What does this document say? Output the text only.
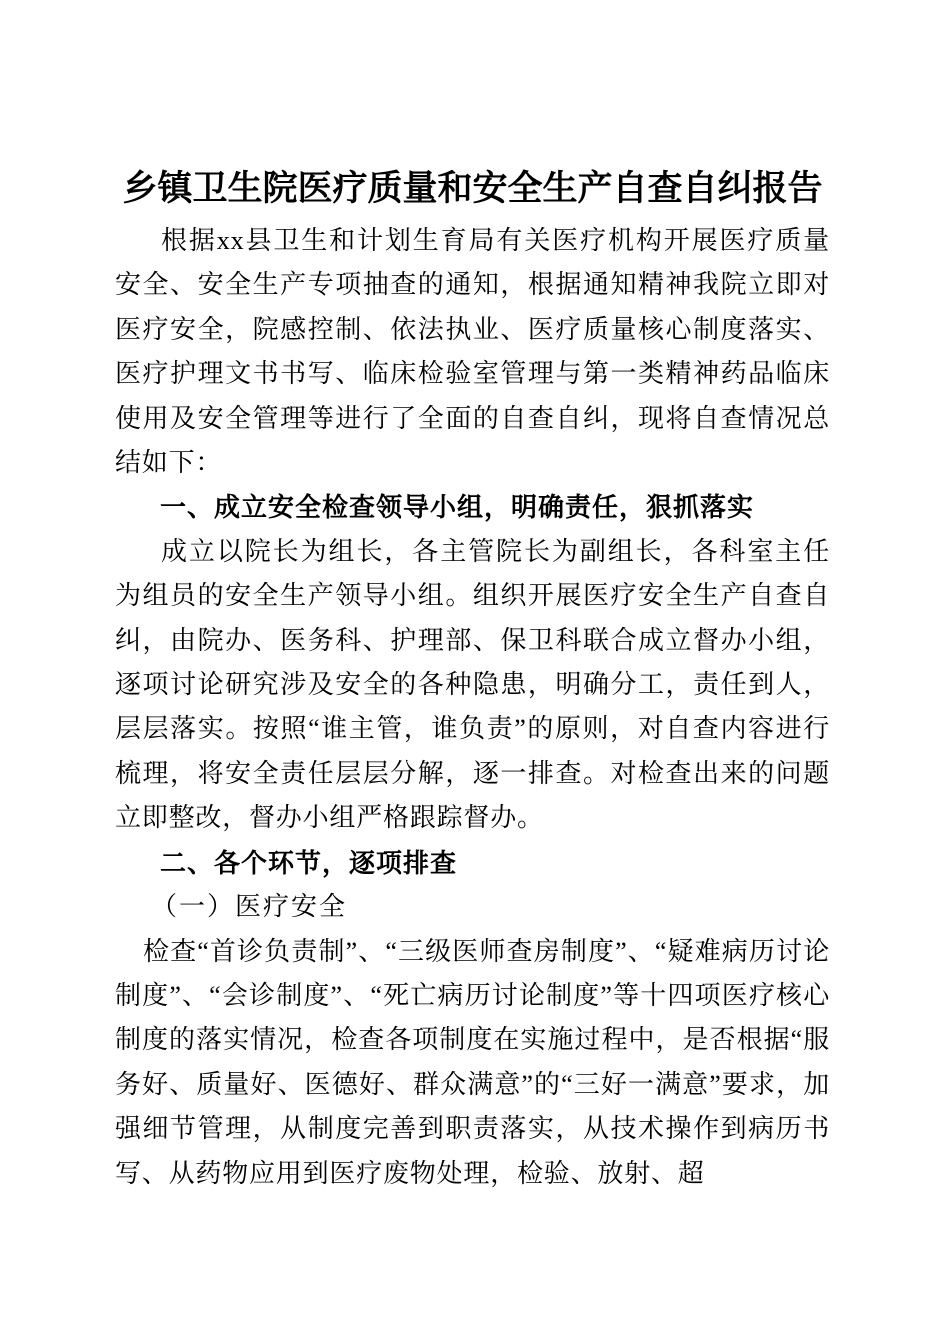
乡镇卫生院医疗质量和安全生产自查自纠报告

根据xx县卫生和计划生育局有关医疗机构开展医疗质量安全、安全生产专项抽查的通知，根据通知精神我院立即对医疗安全，院感控制、依法执业、医疗质量核心制度落实、医疗护理文书书写、临床检验室管理与第一类精神药品临床使用及安全管理等进行了全面的自查自纠，现将自查情况总结如下：

一、成立安全检查领导小组，明确责任，狠抓落实

成立以院长为组长，各主管院长为副组长，各科室主任为组员的安全生产领导小组。组织开展医疗安全生产自查自纠，由院办、医务科、护理部、保卫科联合成立督办小组，逐项讨论研究涉及安全的各种隐患，明确分工，责任到人，层层落实。按照“谁主管，谁负责”的原则，对自查内容进行梳理，将安全责任层层分解，逐一排查。对检查出来的问题立即整改，督办小组严格跟踪督办。

二、各个环节，逐项排查
（一）医疗安全

检查“首诊负责制”、“三级医师查房制度”、“疑难病历讨论制度”、“会诊制度”、“死亡病历讨论制度”等十四项医疗核心制度的落实情况，检查各项制度在实施过程中，是否根据“服务好、质量好、医德好、群众满意”的“三好一满意”要求，加强细节管理，从制度完善到职责落实，从技术操作到病历书写、从药物应用到医疗废物处理，检验、放射、超
